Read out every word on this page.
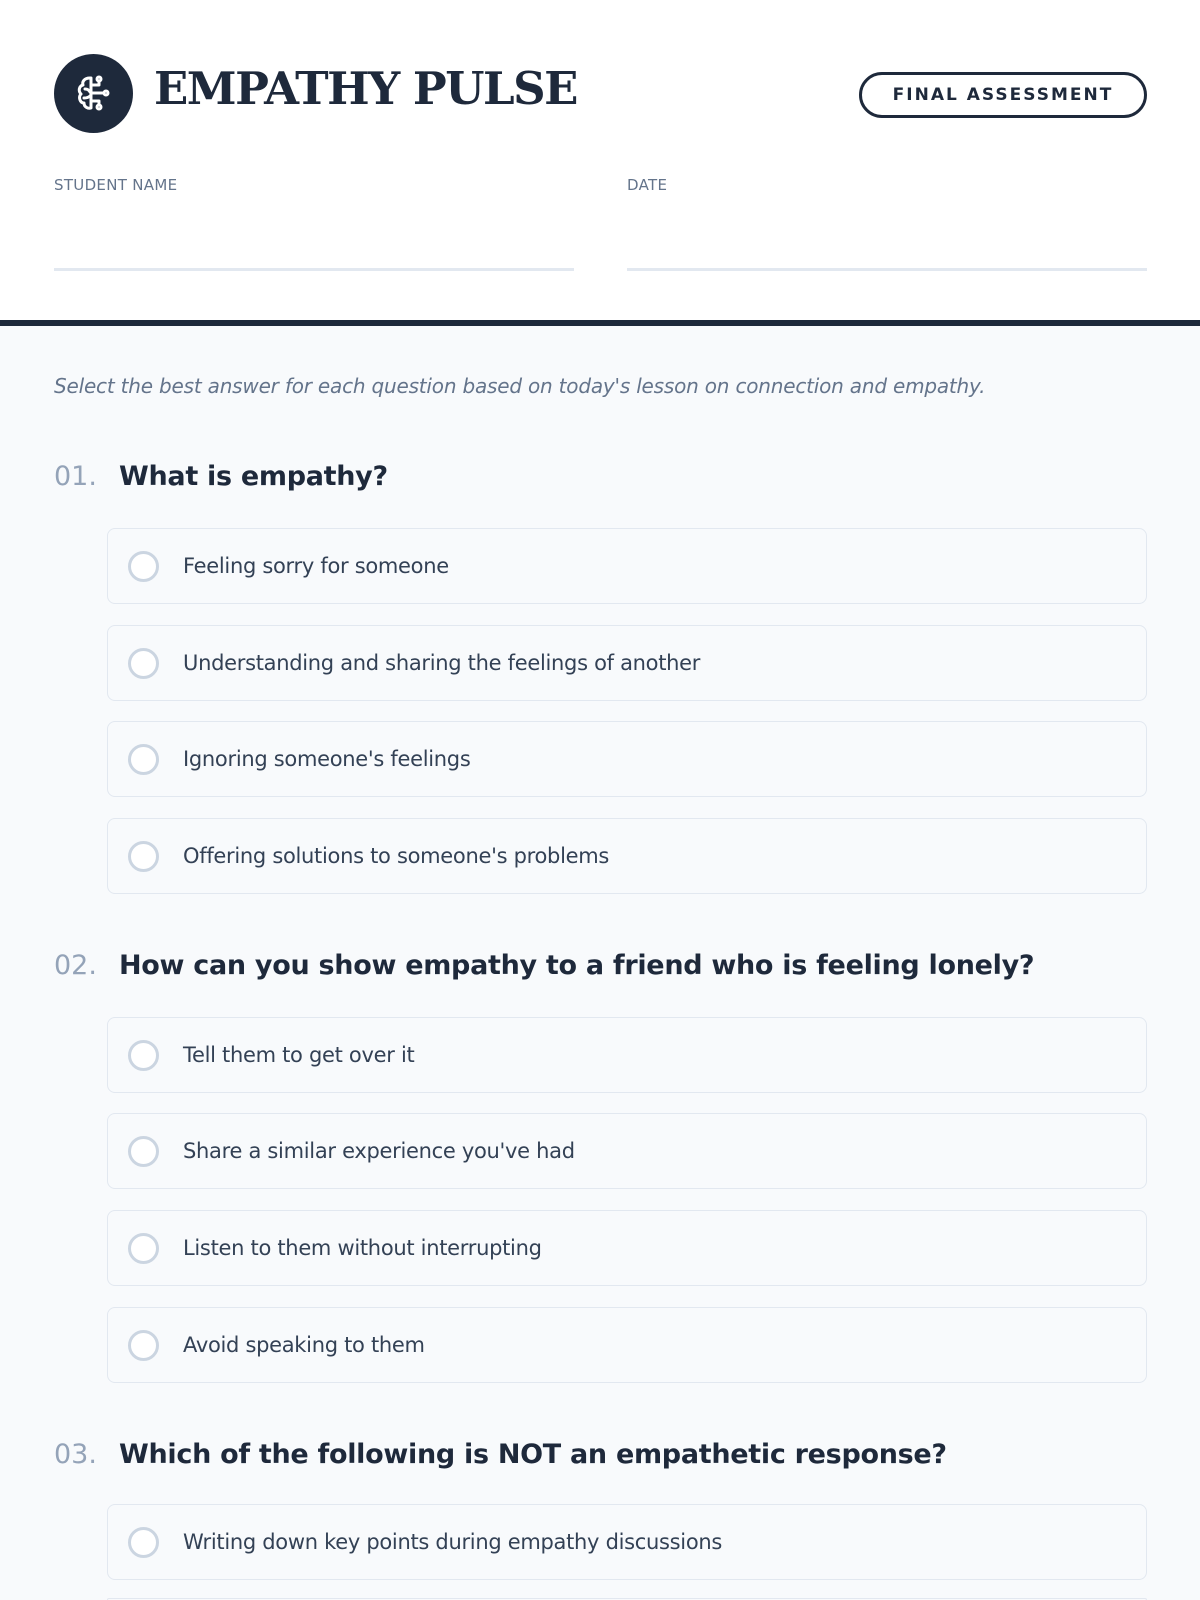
EMPATHY PULSE	FINAL ASSESSMENT
STUDENT NAME	DATE
Select the best answer for each question based on today's lesson on connection and empathy.
01. What is empathy?
Feeling sorry for someone
Understanding and sharing the feelings of another
Ignoring someone's feelings
Offering solutions to someone's problems
02. How can you show empathy to a friend who is feeling lonely?
Tell them to get over it
Share a similar experience you've had
Listen to them without interrupting
Avoid speaking to them
03. Which of the following is NOT an empathetic response?
Writing down key points during empathy discussions
